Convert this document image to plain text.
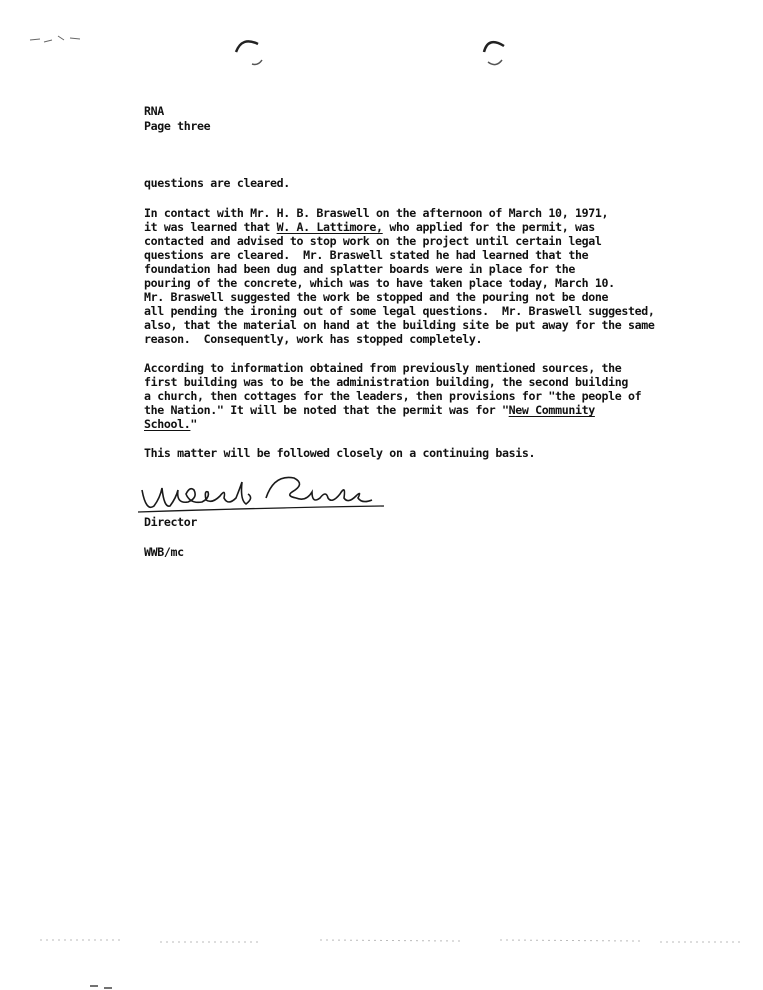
RNA
Page three
questions are cleared.
In contact with Mr. H. B. Braswell on the afternoon of March 10, 1971,
it was learned that W. A. Lattimore, who applied for the permit, was
contacted and advised to stop work on the project until certain legal
questions are cleared.  Mr. Braswell stated he had learned that the
foundation had been dug and splatter boards were in place for the
pouring of the concrete, which was to have taken place today, March 10.
Mr. Braswell suggested the work be stopped and the pouring not be done
all pending the ironing out of some legal questions.  Mr. Braswell suggested,
also, that the material on hand at the building site be put away for the same
reason.  Consequently, work has stopped completely.
According to information obtained from previously mentioned sources, the
first building was to be the administration building, the second building
a church, then cottages for the leaders, then provisions for "the people of
the Nation." It will be noted that the permit was for "New Community
School."
This matter will be followed closely on a continuing basis.
Director
WWB/mc
